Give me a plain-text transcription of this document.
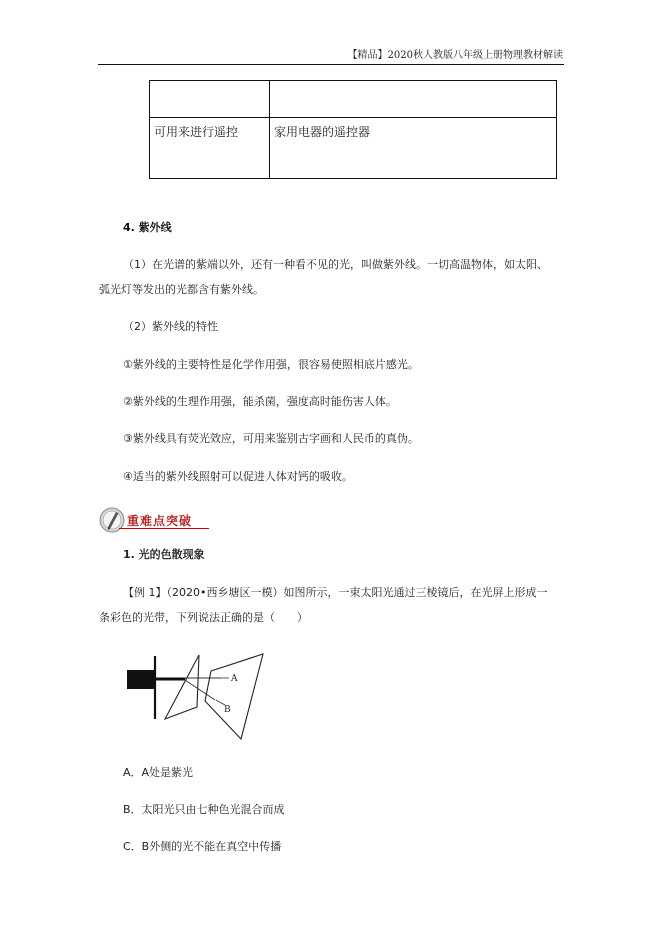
【精品】2020秋人教版八年级上册物理教材解读

可用来进行遥控	家用电器的遥控器
4. 紫外线
（1）在光谱的紫端以外，还有一种看不见的光，叫做紫外线。一切高温物体，如太阳、
弧光灯等发出的光都含有紫外线。
（2）紫外线的特性
①紫外线的主要特性是化学作用强，很容易使照相底片感光。
②紫外线的生理作用强，能杀菌，强度高时能伤害人体。
③紫外线具有荧光效应，可用来鉴别古字画和人民币的真伪。
④适当的紫外线照射可以促进人体对钙的吸收。
重难点突破
1. 光的色散现象
【例 1】（2020•西乡塘区一模）如图所示，一束太阳光通过三棱镜后，在光屏上形成一
条彩色的光带，下列说法正确的是（　　）
A
B
A．A处是紫光
B．太阳光只由七种色光混合而成
C．B外侧的光不能在真空中传播
